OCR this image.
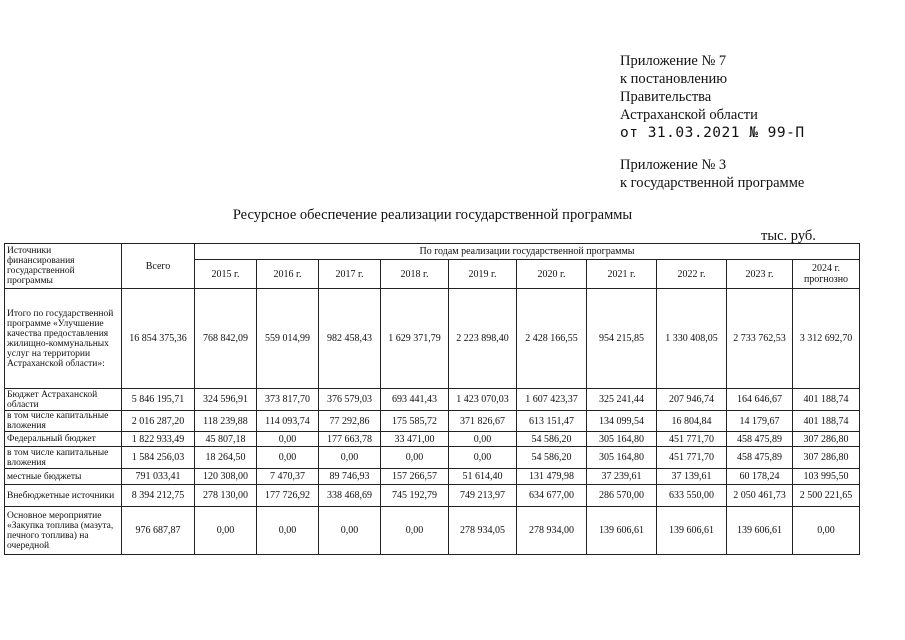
Приложение № 7
к постановлению
Правительства
Астраханской области
от 31.03.2021 № 99-П
Приложение № 3
к государственной программе
Ресурсное обеспечение реализации государственной программы
тыс. руб.
Источники финансирования государственной программы	Всего	По годам реализации государственной программы									
		2015 г.	2016 г.	2017 г.	2018 г.	2019 г.	2020 г.	2021 г.	2022 г.	2023 г.	2024 г. прогнозно
Итого по государственной программе «Улучшение качества предоставления жилищно-коммунальных услуг на территории Астраханской области»:	16 854 375,36	768 842,09	559 014,99	982 458,43	1 629 371,79	2 223 898,40	2 428 166,55	954 215,85	1 330 408,05	2 733 762,53	3 312 692,70
Бюджет Астраханской области	5 846 195,71	324 596,91	373 817,70	376 579,03	693 441,43	1 423 070,03	1 607 423,37	325 241,44	207 946,74	164 646,67	401 188,74
в том числе капитальные вложения	2 016 287,20	118 239,88	114 093,74	77 292,86	175 585,72	371 826,67	613 151,47	134 099,54	16 804,84	14 179,67	401 188,74
Федеральный бюджет	1 822 933,49	45 807,18	0,00	177 663,78	33 471,00	0,00	54 586,20	305 164,80	451 771,70	458 475,89	307 286,80
в том числе капитальные вложения	1 584 256,03	18 264,50	0,00	0,00	0,00	0,00	54 586,20	305 164,80	451 771,70	458 475,89	307 286,80
местные бюджеты	791 033,41	120 308,00	7 470,37	89 746,93	157 266,57	51 614,40	131 479,98	37 239,61	37 139,61	60 178,24	103 995,50
Внебюджетные источники	8 394 212,75	278 130,00	177 726,92	338 468,69	745 192,79	749 213,97	634 677,00	286 570,00	633 550,00	2 050 461,73	2 500 221,65
Основное мероприятие «Закупка топлива (мазута, печного топлива) на очередной	976 687,87	0,00	0,00	0,00	0,00	278 934,05	278 934,00	139 606,61	139 606,61	139 606,61	0,00
